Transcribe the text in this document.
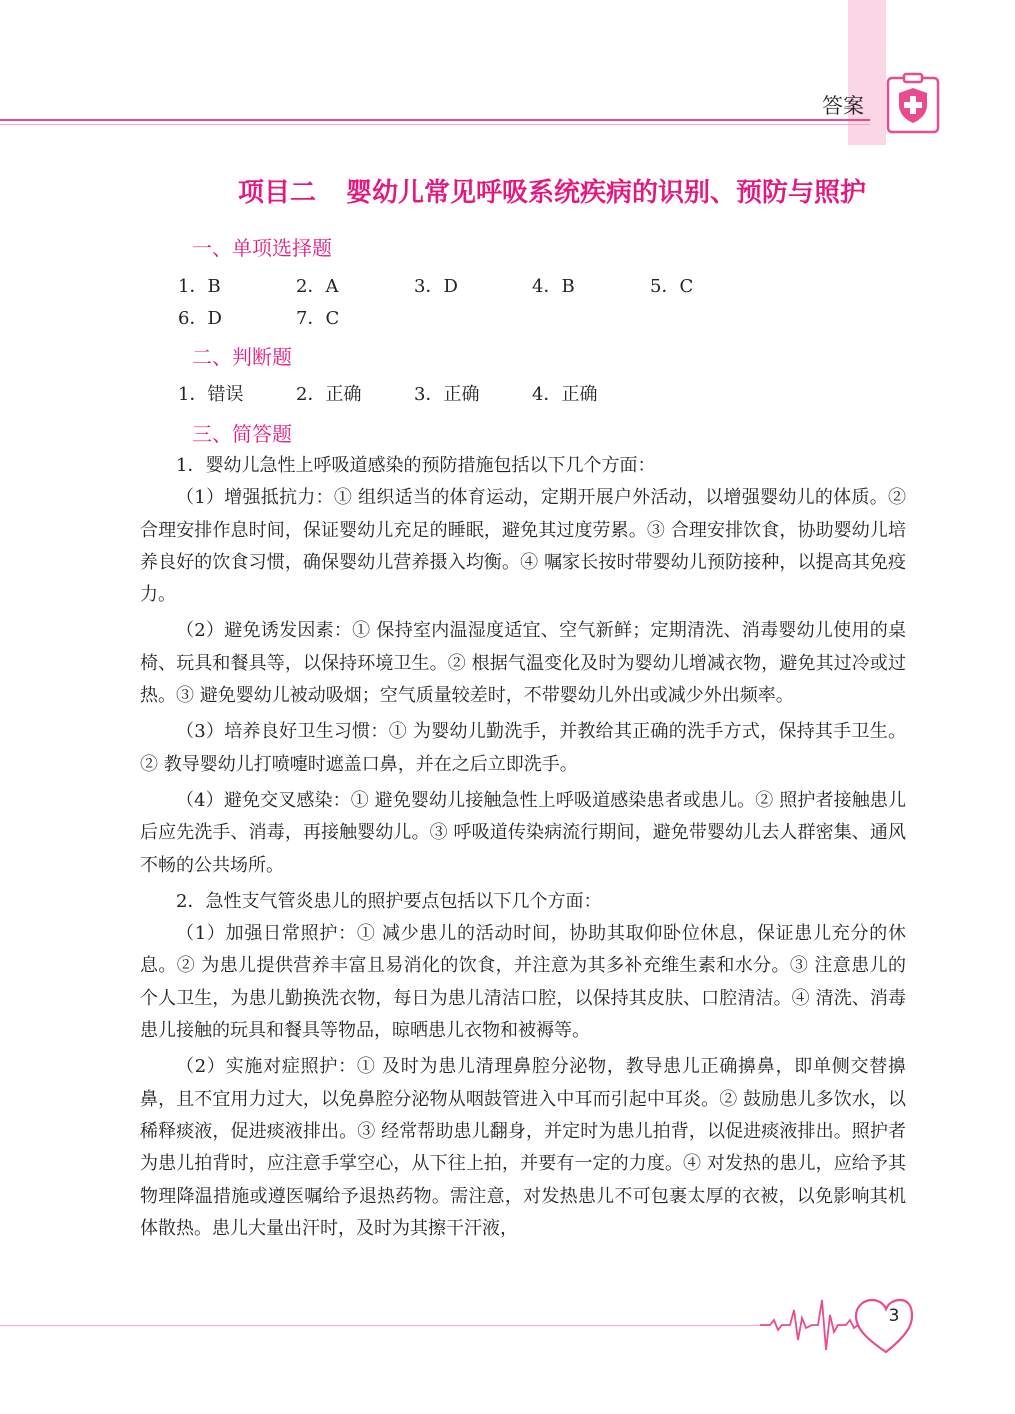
答案
项目二 婴幼儿常见呼吸系统疾病的识别、预防与照护
一、单项选择题
1．B	2．A	3．D	4．B	5．C
6．D	7．C
二、判断题
1．错误	2．正确	3．正确	4．正确
三、简答题

1．婴幼儿急性上呼吸道感染的预防措施包括以下几个方面：

（1）增强抵抗力：① 组织适当的体育运动，定期开展户外活动，以增强婴幼儿的体质。② 合理安排作息时间，保证婴幼儿充足的睡眠，避免其过度劳累。③ 合理安排饮食，协助婴幼儿培养良好的饮食习惯，确保婴幼儿营养摄入均衡。④ 嘱家长按时带婴幼儿预防接种，以提高其免疫力。

（2）避免诱发因素：① 保持室内温湿度适宜、空气新鲜；定期清洗、消毒婴幼儿使用的桌椅、玩具和餐具等，以保持环境卫生。② 根据气温变化及时为婴幼儿增减衣物，避免其过冷或过热。③ 避免婴幼儿被动吸烟；空气质量较差时，不带婴幼儿外出或减少外出频率。

（3）培养良好卫生习惯：① 为婴幼儿勤洗手，并教给其正确的洗手方式，保持其手卫生。② 教导婴幼儿打喷嚏时遮盖口鼻，并在之后立即洗手。

（4）避免交叉感染：① 避免婴幼儿接触急性上呼吸道感染患者或患儿。② 照护者接触患儿后应先洗手、消毒，再接触婴幼儿。③ 呼吸道传染病流行期间，避免带婴幼儿去人群密集、通风不畅的公共场所。

2．急性支气管炎患儿的照护要点包括以下几个方面：

（1）加强日常照护：① 减少患儿的活动时间，协助其取仰卧位休息，保证患儿充分的休息。② 为患儿提供营养丰富且易消化的饮食，并注意为其多补充维生素和水分。③ 注意患儿的个人卫生，为患儿勤换洗衣物，每日为患儿清洁口腔，以保持其皮肤、口腔清洁。④ 清洗、消毒患儿接触的玩具和餐具等物品，晾晒患儿衣物和被褥等。

（2）实施对症照护：① 及时为患儿清理鼻腔分泌物，教导患儿正确擤鼻，即单侧交替擤鼻，且不宜用力过大，以免鼻腔分泌物从咽鼓管进入中耳而引起中耳炎。② 鼓励患儿多饮水，以稀释痰液，促进痰液排出。③ 经常帮助患儿翻身，并定时为患儿拍背，以促进痰液排出。照护者为患儿拍背时，应注意手掌空心，从下往上拍，并要有一定的力度。④ 对发热的患儿，应给予其物理降温措施或遵医嘱给予退热药物。需注意，对发热患儿不可包裹太厚的衣被，以免影响其机体散热。患儿大量出汗时，及时为其擦干汗液，

3
